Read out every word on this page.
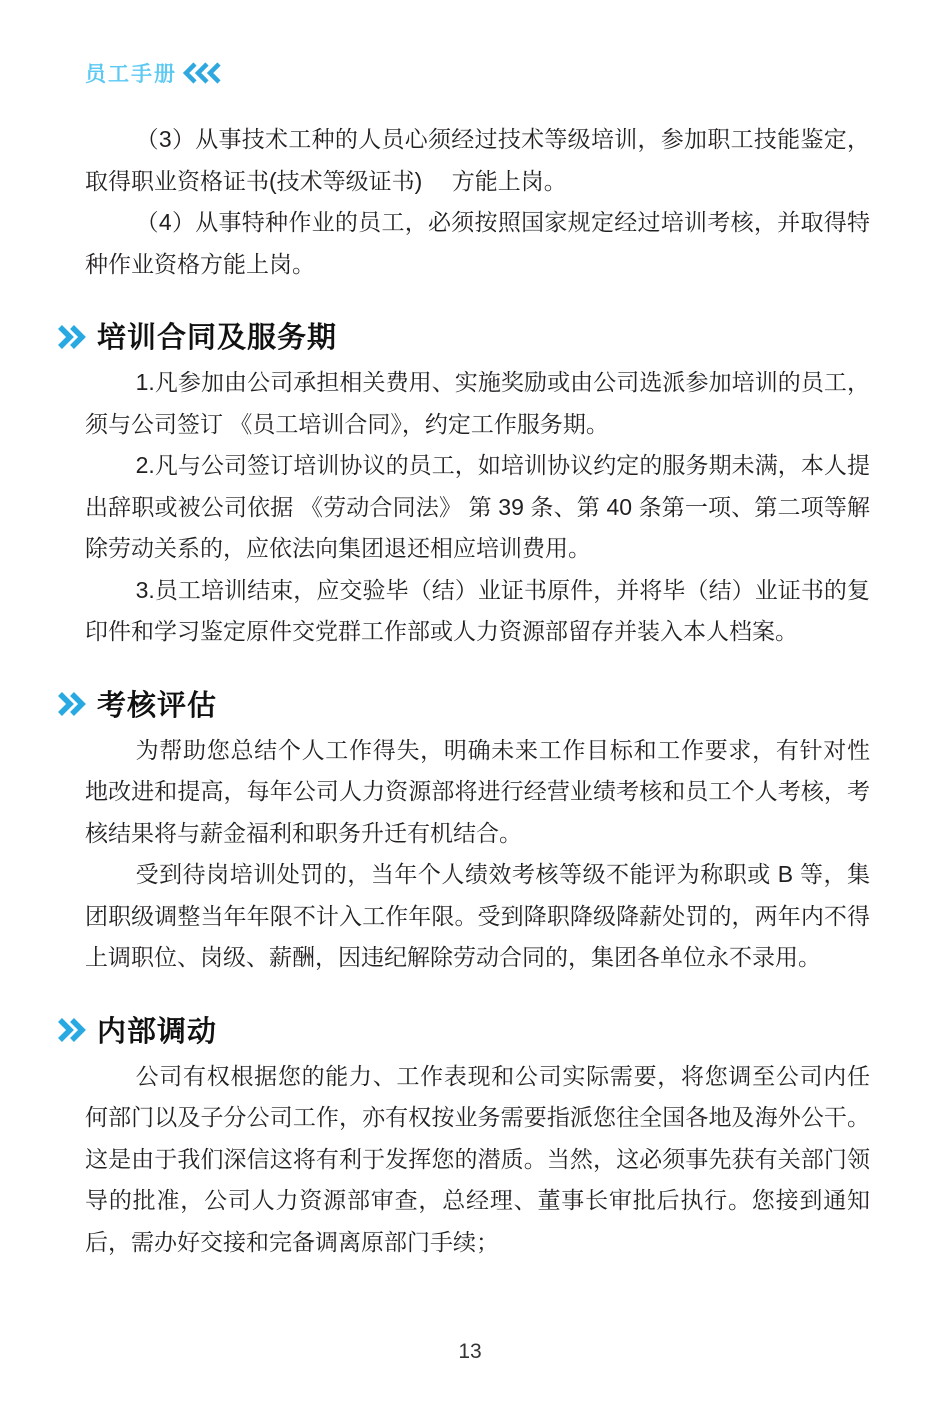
员工手册

（3）从事技术工种的人员心须经过技术等级培训，参加职工技能鉴定，取得职业资格证书(技术等级证书)　 方能上岗。

（4）从事特种作业的员工，必须按照国家规定经过培训考核，并取得特种作业资格方能上岗。

培训合同及服务期

1.凡参加由公司承担相关费用、实施奖励或由公司选派参加培训的员工，须与公司签订 《员工培训合同》，约定工作服务期。

2.凡与公司签订培训协议的员工，如培训协议约定的服务期未满，本人提出辞职或被公司依据 《劳动合同法》 第 39 条、第 40 条第一项、第二项等解除劳动关系的，应依法向集团退还相应培训费用。

3.员工培训结束，应交验毕（结）业证书原件，并将毕（结）业证书的复印件和学习鉴定原件交党群工作部或人力资源部留存并装入本人档案。

考核评估

为帮助您总结个人工作得失，明确未来工作目标和工作要求，有针对性地改进和提高，每年公司人力资源部将进行经营业绩考核和员工个人考核，考核结果将与薪金福利和职务升迁有机结合。

受到待岗培训处罚的，当年个人绩效考核等级不能评为称职或 B 等，集团职级调整当年年限不计入工作年限。受到降职降级降薪处罚的，两年内不得上调职位、岗级、薪酬，因违纪解除劳动合同的，集团各单位永不录用。

内部调动

公司有权根据您的能力、工作表现和公司实际需要，将您调至公司内任何部门以及子分公司工作，亦有权按业务需要指派您往全国各地及海外公干。这是由于我们深信这将有利于发挥您的潜质。当然，这必须事先获有关部门领导的批准，公司人力资源部审查，总经理、董事长审批后执行。您接到通知后，需办好交接和完备调离原部门手续；

13
